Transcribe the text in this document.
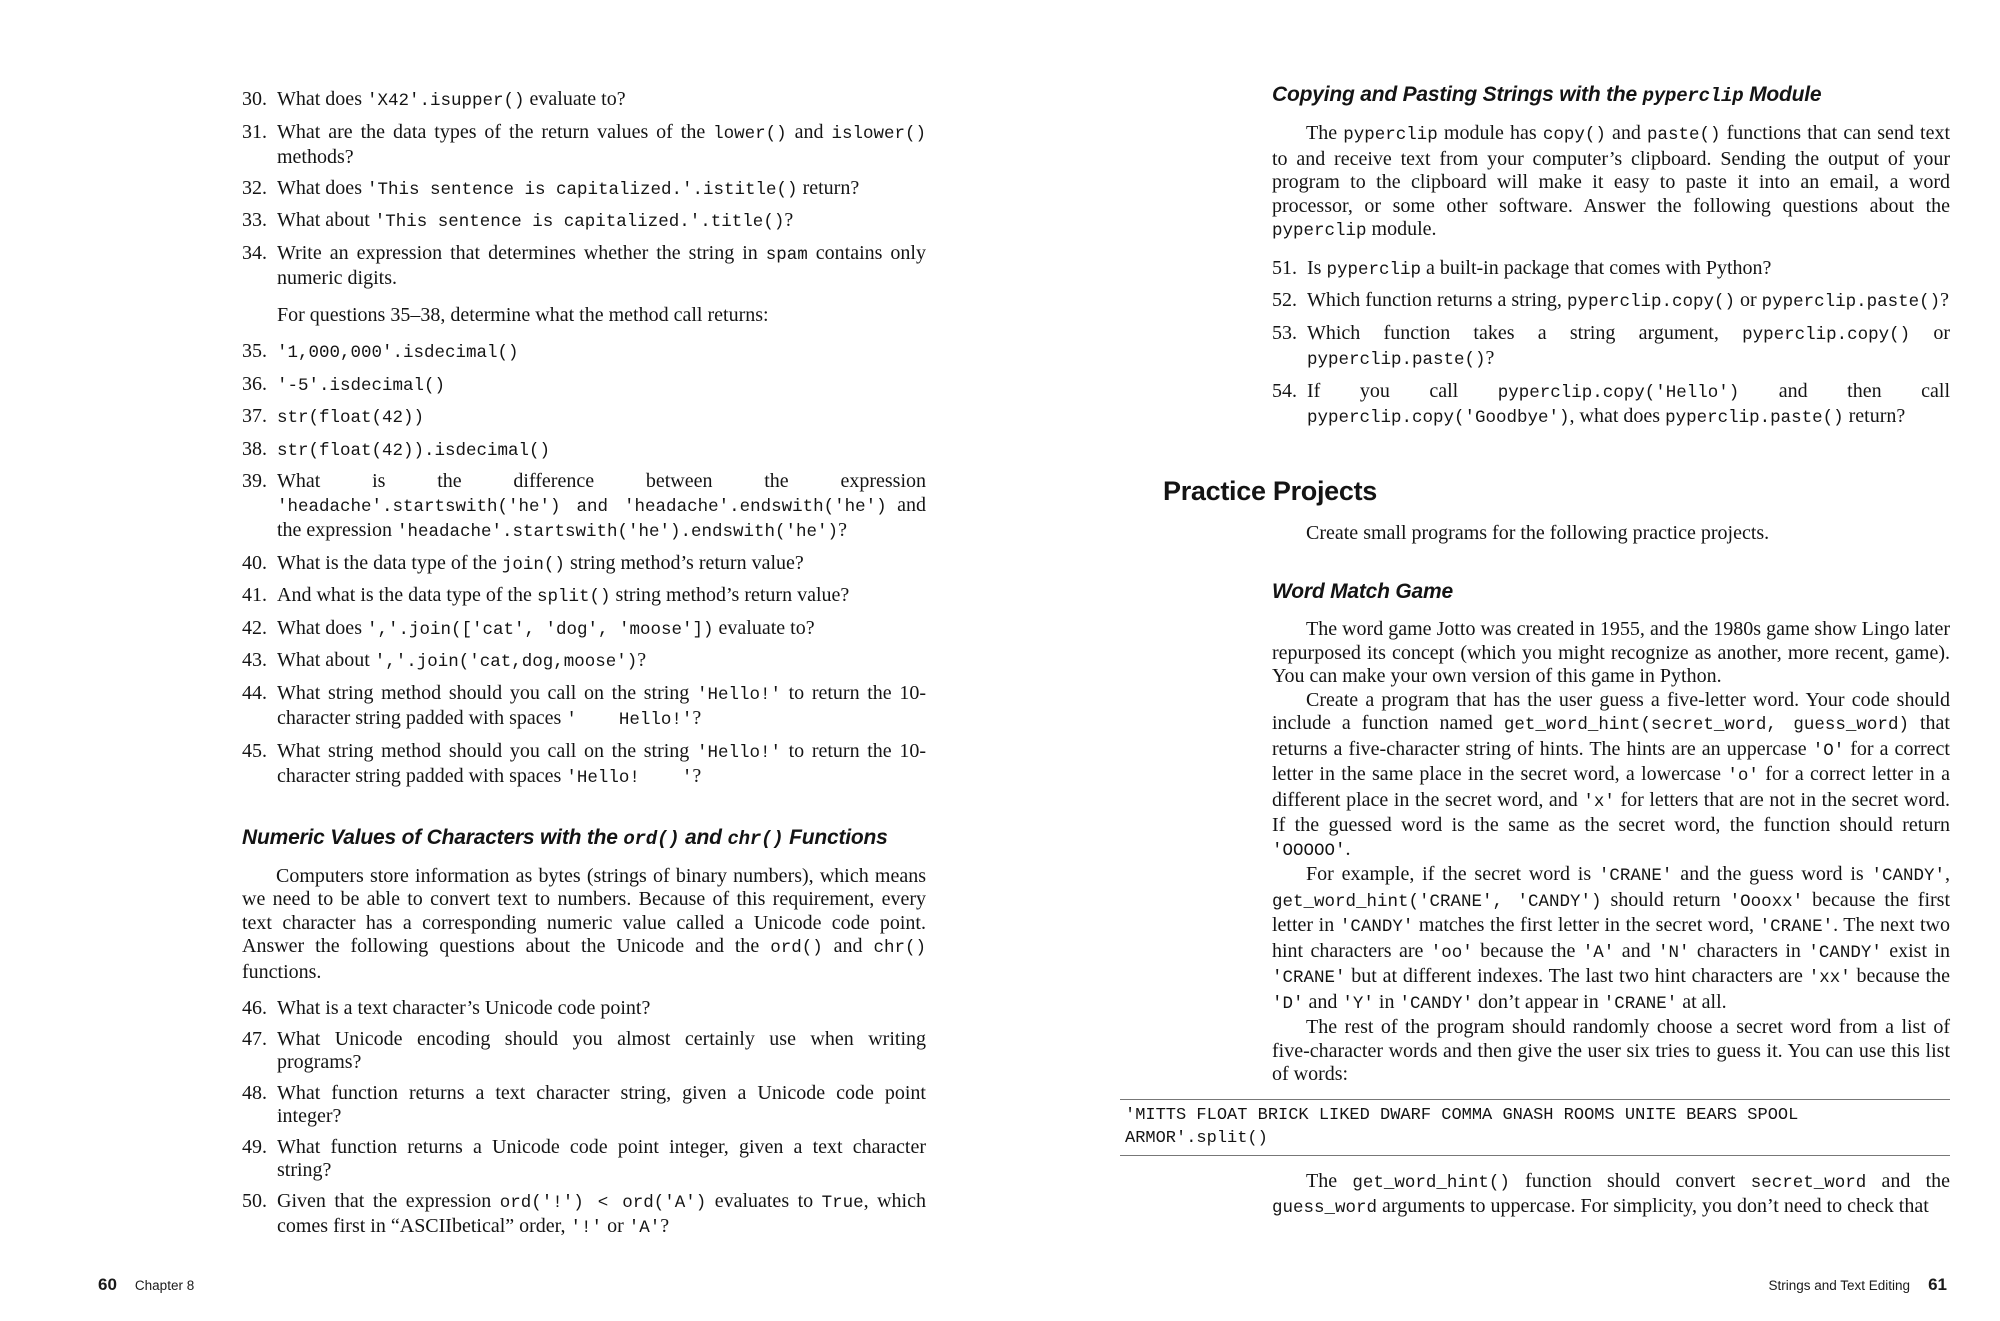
30. What does 'X42'.isupper() evaluate to?
31. What are the data types of the return values of the lower() and islower() methods?
32. What does 'This sentence is capitalized.'.istitle() return?
33. What about 'This sentence is capitalized.'.title()?
34. Write an expression that determines whether the string in spam contains only numeric digits.

For questions 35–38, determine what the method call returns:

35. '1,000,000'.isdecimal()
36. '-5'.isdecimal()
37. str(float(42))
38. str(float(42)).isdecimal()
39. What is the difference between the expression 'headache'.startswith('he') and 'headache'.endswith('he') and the expression 'headache'.startswith('he').endswith('he')?
40. What is the data type of the join() string method’s return value?
41. And what is the data type of the split() string method’s return value?
42. What does ','.join(['cat', 'dog', 'moose']) evaluate to?
43. What about ','.join('cat,dog,moose')?
44. What string method should you call on the string 'Hello!' to return the 10-character string padded with spaces '    Hello!'?
45. What string method should you call on the string 'Hello!' to return the 10-character string padded with spaces 'Hello!    '?
Numeric Values of Characters with the ord() and chr() Functions

Computers store information as bytes (strings of binary numbers), which means we need to be able to convert text to numbers. Because of this requirement, every text character has a corresponding numeric value called a Unicode code point. Answer the following questions about the Unicode and the ord() and chr() functions.

46. What is a text character’s Unicode code point?
47. What Unicode encoding should you almost certainly use when writing programs?
48. What function returns a text character string, given a Unicode code point integer?
49. What function returns a Unicode code point integer, given a text character string?
50. Given that the expression ord('!') < ord('A') evaluates to True, which comes first in “ASCIIbetical” order, '!' or 'A'?
Copying and Pasting Strings with the pyperclip Module

The pyperclip module has copy() and paste() functions that can send text to and receive text from your computer’s clipboard. Sending the output of your program to the clipboard will make it easy to paste it into an email, a word processor, or some other software. Answer the following questions about the pyperclip module.

51. Is pyperclip a built-in package that comes with Python?
52. Which function returns a string, pyperclip.copy() or pyperclip.paste()?
53. Which function takes a string argument, pyperclip.copy() or pyperclip.paste()?
54. If you call pyperclip.copy('Hello') and then call pyperclip.copy('Goodbye'), what does pyperclip.paste() return?
Practice Projects

Create small programs for the following practice projects.

Word Match Game

The word game Jotto was created in 1955, and the 1980s game show Lingo later repurposed its concept (which you might recognize as another, more recent, game). You can make your own version of this game in Python.

Create a program that has the user guess a five-letter word. Your code should include a function named get_word_hint(secret_word, guess_word) that returns a five-character string of hints. The hints are an uppercase 'O' for a correct letter in the same place in the secret word, a lowercase 'o' for a correct letter in a different place in the secret word, and 'x' for letters that are not in the secret word. If the guessed word is the same as the secret word, the function should return 'OOOOO'.

For example, if the secret word is 'CRANE' and the guess word is 'CANDY', get_word_hint('CRANE', 'CANDY') should return 'Oooxx' because the first letter in 'CANDY' matches the first letter in the secret word, 'CRANE'. The next two hint characters are 'oo' because the 'A' and 'N' characters in 'CANDY' exist in 'CRANE' but at different indexes. The last two hint characters are 'xx' because the 'D' and 'Y' in 'CANDY' don’t appear in 'CRANE' at all.

The rest of the program should randomly choose a secret word from a list of five-character words and then give the user six tries to guess it. You can use this list of words:

'MITTS FLOAT BRICK LIKED DWARF COMMA GNASH ROOMS UNITE BEARS SPOOL ARMOR'.split()

The get_word_hint() function should convert secret_word and the guess_word arguments to uppercase. For simplicity, you don’t need to check that

60 Chapter 8	Strings and Text Editing 61
